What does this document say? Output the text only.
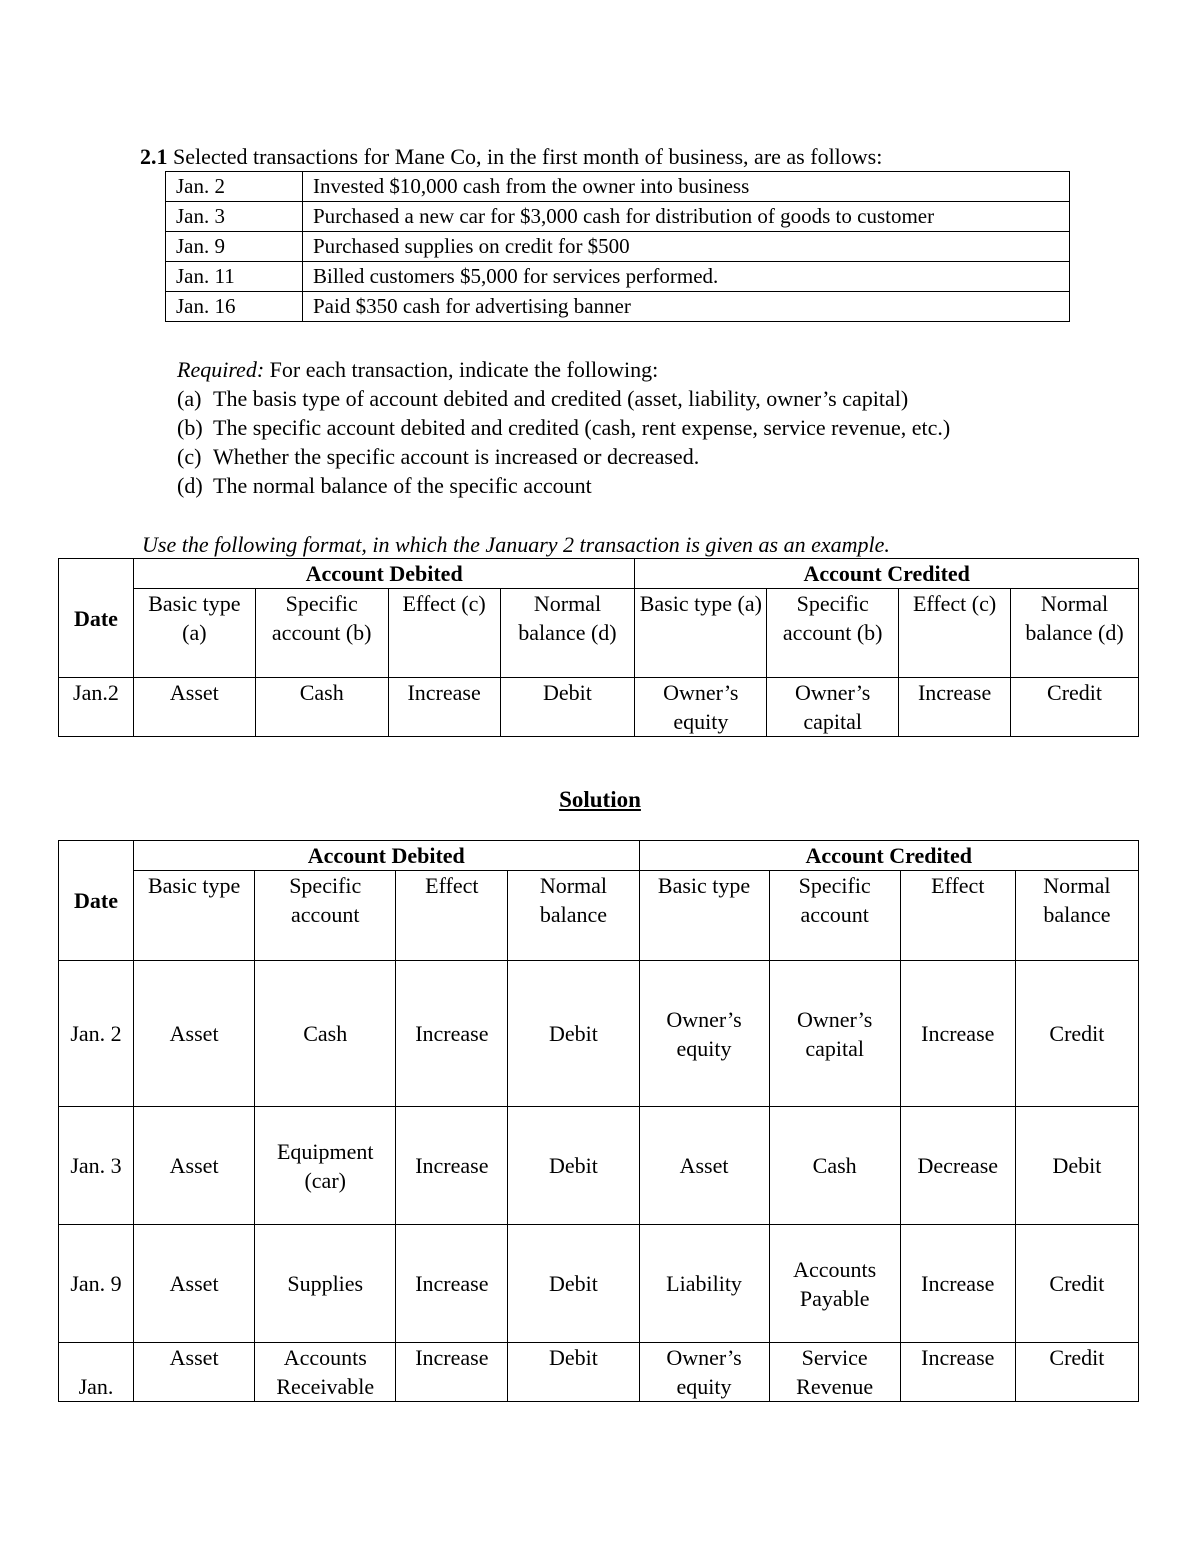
2.1 Selected transactions for Mane Co, in the first month of business, are as follows:
Jan. 2	Invested $10,000 cash from the owner into business
Jan. 3	Purchased a new car for $3,000 cash for distribution of goods to customer
Jan. 9	Purchased supplies on credit for $500
Jan. 11	Billed customers $5,000 for services performed.
Jan. 16	Paid $350 cash for advertising banner
Required: For each transaction, indicate the following:
(a) The basis type of account debited and credited (asset, liability, owner’s capital)
(b) The specific account debited and credited (cash, rent expense, service revenue, etc.)
(c) Whether the specific account is increased or decreased.
(d) The normal balance of the specific account
Use the following format, in which the January 2 transaction is given as an example.
Date	Account Debited				Account Credited			
	Basic type (a)	Specific account (b)	Effect (c)	Normal balance (d)	Basic type (a)	Specific account (b)	Effect (c)	Normal balance (d)
Jan.2	Asset	Cash	Increase	Debit	Owner’s equity	Owner’s capital	Increase	Credit
Solution
Date	Account Debited				Account Credited			
	Basic type	Specific account	Effect	Normal balance	Basic type	Specific account	Effect	Normal balance
Jan. 2	Asset	Cash	Increase	Debit	Owner’s equity	Owner’s capital	Increase	Credit
Jan. 3	Asset	Equipment (car)	Increase	Debit	Asset	Cash	Decrease	Debit
Jan. 9	Asset	Supplies	Increase	Debit	Liability	Accounts Payable	Increase	Credit
Jan.	Asset	Accounts Receivable	Increase	Debit	Owner’s equity	Service Revenue	Increase	Credit
